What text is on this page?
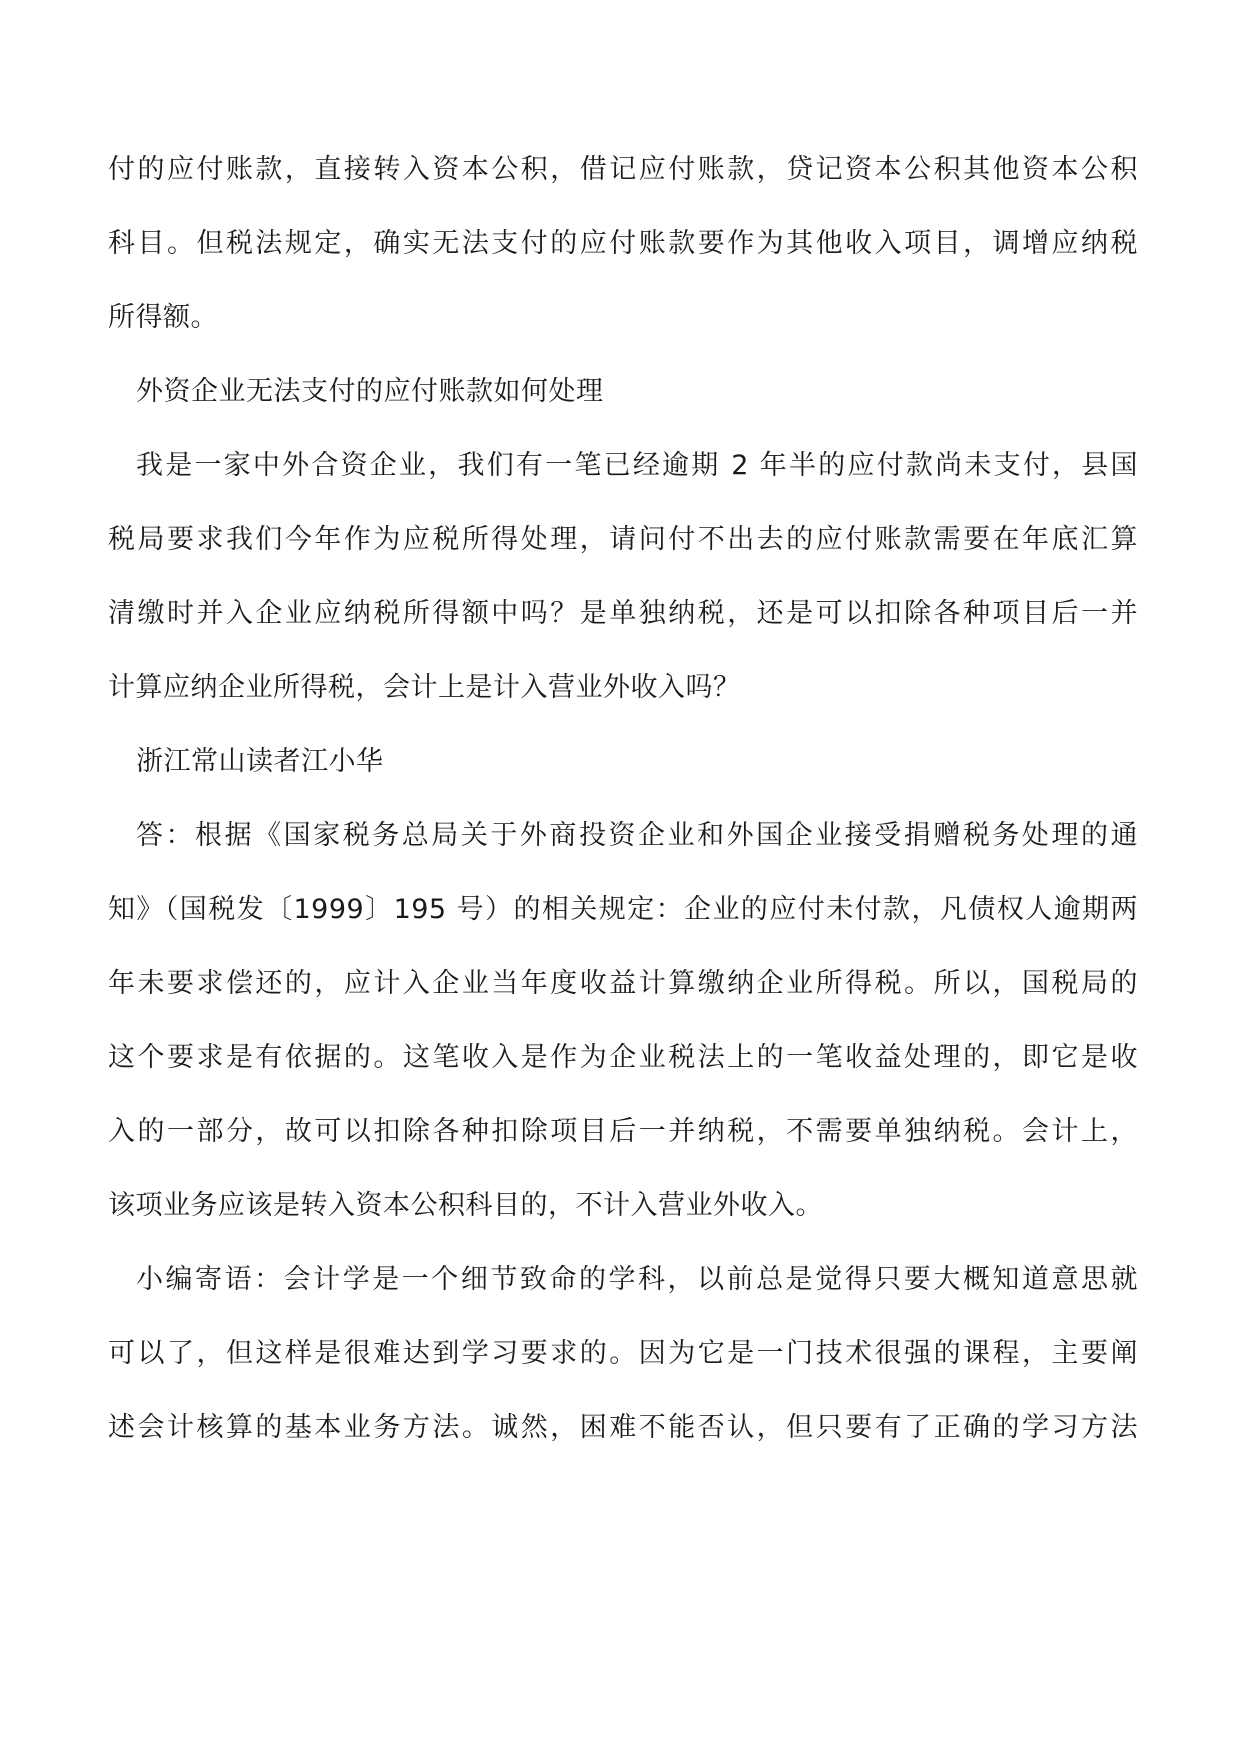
付的应付账款，直接转入资本公积，借记应付账款，贷记资本公积其他资本公积
科目。但税法规定，确实无法支付的应付账款要作为其他收入项目，调增应纳税
所得额。
外资企业无法支付的应付账款如何处理
我是一家中外合资企业，我们有一笔已经逾期 2 年半的应付款尚未支付，县国
税局要求我们今年作为应税所得处理，请问付不出去的应付账款需要在年底汇算
清缴时并入企业应纳税所得额中吗？是单独纳税，还是可以扣除各种项目后一并
计算应纳企业所得税，会计上是计入营业外收入吗？
浙江常山读者江小华
答：根据《国家税务总局关于外商投资企业和外国企业接受捐赠税务处理的通
知》（国税发〔1999〕195 号）的相关规定：企业的应付未付款，凡债权人逾期两
年未要求偿还的，应计入企业当年度收益计算缴纳企业所得税。所以，国税局的
这个要求是有依据的。这笔收入是作为企业税法上的一笔收益处理的，即它是收
入的一部分，故可以扣除各种扣除项目后一并纳税，不需要单独纳税。会计上，
该项业务应该是转入资本公积科目的，不计入营业外收入。
小编寄语：会计学是一个细节致命的学科，以前总是觉得只要大概知道意思就
可以了，但这样是很难达到学习要求的。因为它是一门技术很强的课程，主要阐
述会计核算的基本业务方法。诚然，困难不能否认，但只要有了正确的学习方法
